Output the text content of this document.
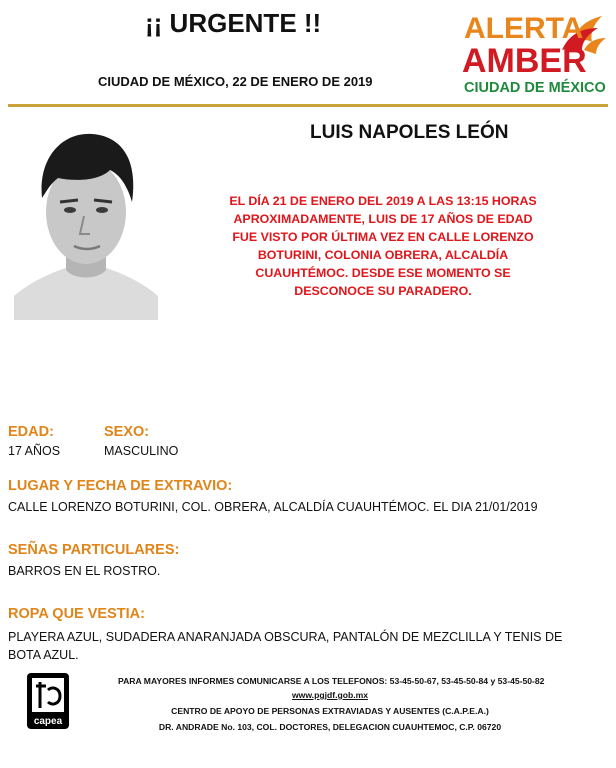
¡¡ URGENTE !!
CIUDAD DE MÉXICO, 22 DE ENERO DE 2019
ALERTA
AMBER
CIUDAD DE MÉXICO
LUIS NAPOLES LEÓN
EL DÍA 21 DE ENERO DEL 2019 A LAS 13:15 HORAS APROXIMADAMENTE, LUIS DE 17 AÑOS DE EDAD FUE VISTO POR ÚLTIMA VEZ EN CALLE LORENZO BOTURINI, COLONIA OBRERA, ALCALDÍA CUAUHTÉMOC. DESDE ESE MOMENTO SE DESCONOCE SU PARADERO.
EDAD:
17 AÑOS
SEXO:
MASCULINO
LUGAR Y FECHA DE EXTRAVIO:
CALLE LORENZO BOTURINI, COL. OBRERA, ALCALDÍA CUAUHTÉMOC. EL DIA 21/01/2019
SEÑAS PARTICULARES:
BARROS EN EL ROSTRO.
ROPA QUE VESTIA:
PLAYERA AZUL, SUDADERA ANARANJADA OBSCURA, PANTALÓN DE MEZCLILLA Y TENIS DE BOTA AZUL.
capea
PARA MAYORES INFORMES COMUNICARSE A LOS TELEFONOS: 53-45-50-67, 53-45-50-84 y 53-45-50-82
www.pgjdf.gob.mx
CENTRO DE APOYO DE PERSONAS EXTRAVIADAS Y AUSENTES (C.A.P.E.A.)
DR. ANDRADE No. 103, COL. DOCTORES, DELEGACION CUAUHTEMOC, C.P. 06720
